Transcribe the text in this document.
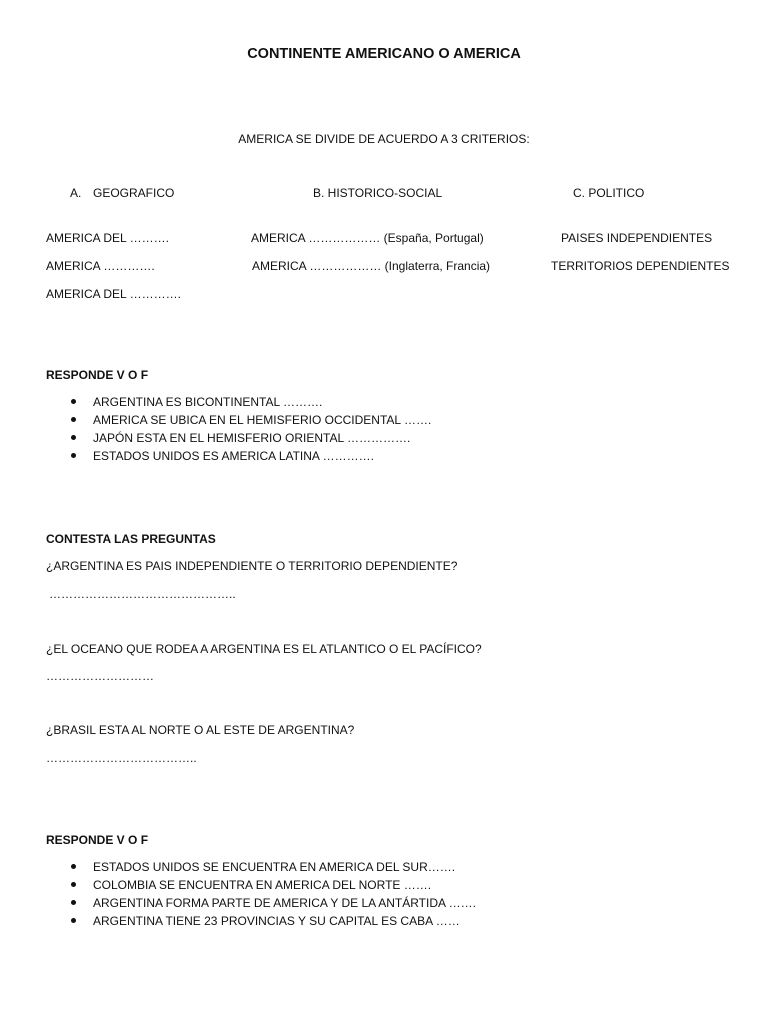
CONTINENTE AMERICANO O AMERICA
AMERICA SE DIVIDE DE ACUERDO A 3 CRITERIOS:
A. GEOGRAFICO	B. HISTORICO-SOCIAL	C. POLITICO
AMERICA DEL ……….
AMERICA ………….
AMERICA DEL ………….
AMERICA ……………… (España, Portugal)
AMERICA ……………… (Inglaterra, Francia)
PAISES INDEPENDIENTES
TERRITORIOS DEPENDIENTES
RESPONDE V O F
ARGENTINA ES BICONTINENTAL ……….
AMERICA SE UBICA EN EL HEMISFERIO OCCIDENTAL …….
JAPÓN ESTA EN EL HEMISFERIO ORIENTAL …………….
ESTADOS UNIDOS ES AMERICA LATINA ………….
CONTESTA LAS PREGUNTAS
¿ARGENTINA ES PAIS INDEPENDIENTE O TERRITORIO DEPENDIENTE?
………………………………………..
¿EL OCEANO QUE RODEA A ARGENTINA ES EL ATLANTICO O EL PACÍFICO?
………………………
¿BRASIL ESTA AL NORTE O AL ESTE DE ARGENTINA?
………………………………..
RESPONDE V O F
ESTADOS UNIDOS SE ENCUENTRA EN AMERICA DEL SUR…….
COLOMBIA SE ENCUENTRA EN AMERICA DEL NORTE …….
ARGENTINA FORMA PARTE DE AMERICA Y DE LA ANTÁRTIDA …….
ARGENTINA TIENE 23 PROVINCIAS Y SU CAPITAL ES CABA ……
